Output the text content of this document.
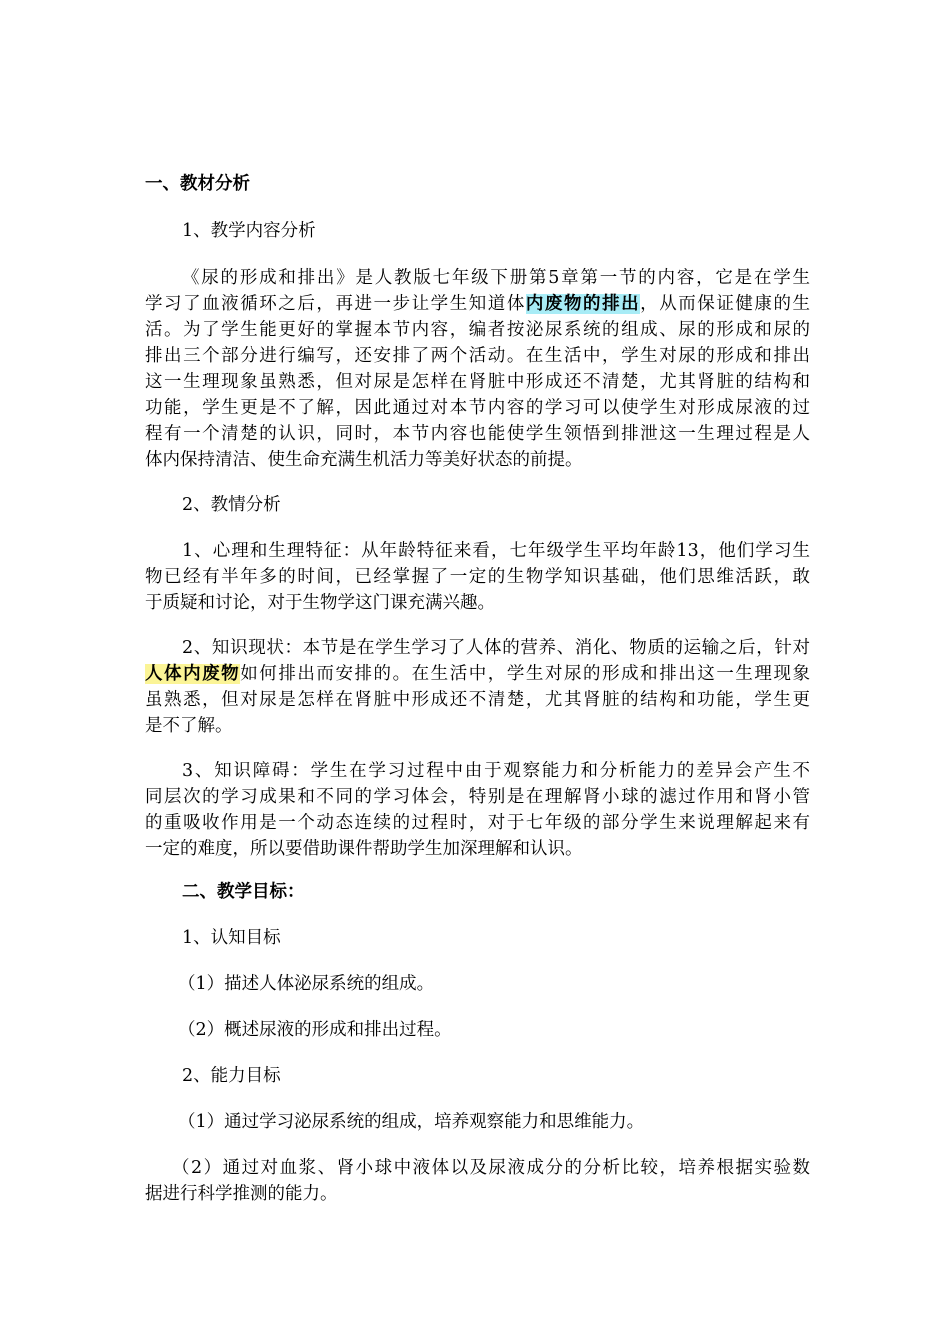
一、教材分析
1、教学内容分析
《尿的形成和排出》是人教版七年级下册第5章第一节的内容，它是在学生
学习了血液循环之后，再进一步让学生知道体内废物的排出，从而保证健康的生
活。为了学生能更好的掌握本节内容，编者按泌尿系统的组成、尿的形成和尿的
排出三个部分进行编写，还安排了两个活动。在生活中，学生对尿的形成和排出
这一生理现象虽熟悉，但对尿是怎样在肾脏中形成还不清楚，尤其肾脏的结构和
功能，学生更是不了解，因此通过对本节内容的学习可以使学生对形成尿液的过
程有一个清楚的认识，同时，本节内容也能使学生领悟到排泄这一生理过程是人
体内保持清洁、使生命充满生机活力等美好状态的前提。
2、教情分析
1、心理和生理特征：从年龄特征来看，七年级学生平均年龄13，他们学习生
物已经有半年多的时间，已经掌握了一定的生物学知识基础，他们思维活跃，敢
于质疑和讨论，对于生物学这门课充满兴趣。
2、知识现状：本节是在学生学习了人体的营养、消化、物质的运输之后，针对
人体内废物如何排出而安排的。在生活中，学生对尿的形成和排出这一生理现象
虽熟悉，但对尿是怎样在肾脏中形成还不清楚，尤其肾脏的结构和功能，学生更
是不了解。
3、知识障碍：学生在学习过程中由于观察能力和分析能力的差异会产生不
同层次的学习成果和不同的学习体会，特别是在理解肾小球的滤过作用和肾小管
的重吸收作用是一个动态连续的过程时，对于七年级的部分学生来说理解起来有
一定的难度，所以要借助课件帮助学生加深理解和认识。
二、教学目标：
1、认知目标
（1）描述人体泌尿系统的组成。
（2）概述尿液的形成和排出过程。
2、能力目标
（1）通过学习泌尿系统的组成，培养观察能力和思维能力。
（2）通过对血浆、肾小球中液体以及尿液成分的分析比较，培养根据实验数
据进行科学推测的能力。
